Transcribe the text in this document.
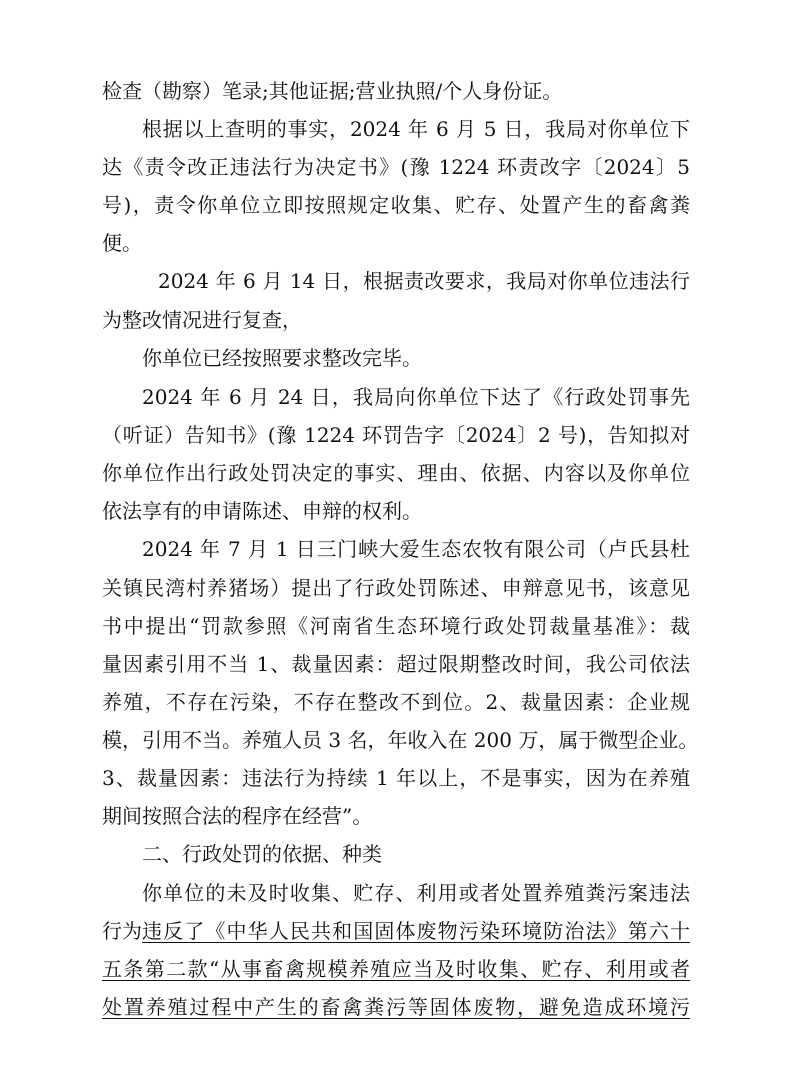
检查（勘察）笔录;其他证据;营业执照/个人身份证。
根据以上查明的事实，2024 年 6 月 5 日，我局对你单位下
达《责令改正违法行为决定书》(豫 1224 环责改字〔2024〕5
号)，责令你单位立即按照规定收集、贮存、处置产生的畜禽粪
便。
2024 年 6 月 14 日，根据责改要求，我局对你单位违法行
为整改情况进行复查，
你单位已经按照要求整改完毕。
2024 年 6 月 24 日，我局向你单位下达了《行政处罚事先
（听证）告知书》(豫 1224 环罚告字〔2024〕2 号)，告知拟对
你单位作出行政处罚决定的事实、理由、依据、内容以及你单位
依法享有的申请陈述、申辩的权利。
2024 年 7 月 1 日三门峡大爱生态农牧有限公司（卢氏县杜
关镇民湾村养猪场）提出了行政处罚陈述、申辩意见书，该意见
书中提出“罚款参照《河南省生态环境行政处罚裁量基准》：裁
量因素引用不当 1、裁量因素：超过限期整改时间，我公司依法
养殖，不存在污染，不存在整改不到位。2、裁量因素：企业规
模，引用不当。养殖人员 3 名，年收入在 200 万，属于微型企业。
3、裁量因素：违法行为持续 1 年以上，不是事实，因为在养殖
期间按照合法的程序在经营”。
二、行政处罚的依据、种类
你单位的未及时收集、贮存、利用或者处置养殖粪污案违法
行为 违反了《中华人民共和国固体废物污染环境防治法》第六十
五条第二款“从事畜禽规模养殖应当及时收集、贮存、利用或者
处置养殖过程中产生的畜禽粪污等固体废物，避免造成环境污
